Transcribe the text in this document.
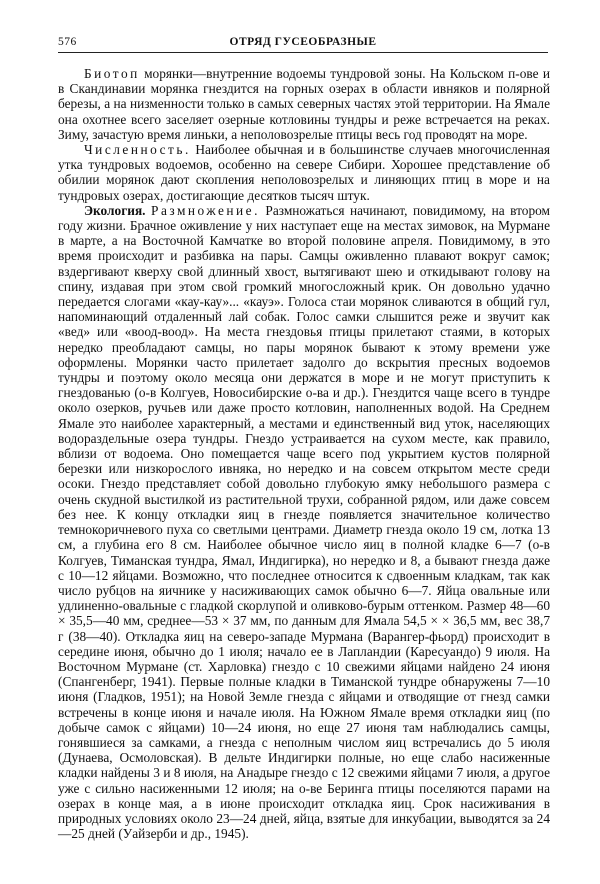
576	ОТРЯД ГУСЕОБРАЗНЫЕ

Биотоп морянки—внутренние водоемы тундровой зоны. На Кольском п-ове и в Скандинавии морянка гнездится на горных озерах в области ивняков и полярной березы, а на низменности только в самых северных частях этой территории. На Ямале она охотнее всего заселяет озерные котловины тундры и реже встречается на реках. Зиму, зачастую время линьки, а неполовозрелые птицы весь год проводят на море.

Численность. Наиболее обычная и в большинстве случаев многочисленная утка тундровых водоемов, особенно на севере Сибири. Хорошее представление об обилии морянок дают скопления неполовозрелых и линяющих птиц в море и на тундровых озерах, достигающие десятков тысяч штук.

Экология. Размножение. Размножаться начинают, повидимому, на втором году жизни. Брачное оживление у них наступает еще на местах зимовок, на Мурмане в марте, а на Восточной Камчатке во второй половине апреля. Повидимому, в это время происходит и разбивка на пары. Самцы оживленно плавают вокруг самок; вздергивают кверху свой длинный хвост, вытягивают шею и откидывают голову на спину, издавая при этом свой громкий многосложный крик. Он довольно удачно передается слогами «кау-кау»... «кауэ». Голоса стаи морянок сливаются в общий гул, напоминающий отдаленный лай собак. Голос самки слышится реже и звучит как «вед» или «воод-воод». На места гнездовья птицы прилетают стаями, в которых нередко преобладают самцы, но пары морянок бывают к этому времени уже оформлены. Морянки часто прилетает задолго до вскрытия пресных водоемов тундры и поэтому около месяца они держатся в море и не могут приступить к гнездованью (о-в Колгуев, Новосибирские о-ва и др.). Гнездится чаще всего в тундре около озерков, ручьев или даже просто котловин, наполненных водой. На Среднем Ямале это наиболее характерный, а местами и единственный вид уток, населяющих водораздельные озера тундры. Гнездо устраивается на сухом месте, как правило, вблизи от водоема. Оно помещается чаще всего под укрытием кустов полярной березки или низкорослого ивняка, но нередко и на совсем открытом месте среди осоки. Гнездо представляет собой довольно глубокую ямку небольшого размера с очень скудной выстилкой из растительной трухи, собранной рядом, или даже совсем без нее. К концу откладки яиц в гнезде появляется значительное количество темнокоричневого пуха со светлыми центрами. Диаметр гнезда около 19 см, лотка 13 см, а глубина его 8 см. Наиболее обычное число яиц в полной кладке 6—7 (о-в Колгуев, Тиманская тундра, Ямал, Индигирка), но нередко и 8, а бывают гнезда даже с 10—12 яйцами. Возможно, что последнее относится к сдвоенным кладкам, так как число рубцов на яичнике у насиживающих самок обычно 6—7. Яйца овальные или удлиненно-овальные с гладкой скорлупой и оливково-бурым оттенком. Размер 48—60 × 35,5—40 мм, среднее—53 × 37 мм, по данным для Ямала 54,5 × × 36,5 мм, вес 38,7 г (38—40). Откладка яиц на северо-западе Мурмана (Варангер-фьорд) происходит в середине июня, обычно до 1 июля; начало ее в Лапландии (Каресуандо) 9 июля. На Восточном Мурмане (ст. Харловка) гнездо с 10 свежими яйцами найдено 24 июня (Спангенберг, 1941). Первые полные кладки в Тиманской тундре обнаружены 7—10 июня (Гладков, 1951); на Новой Земле гнезда с яйцами и отводящие от гнезд самки встречены в конце июня и начале июля. На Южном Ямале время откладки яиц (по добыче самок с яйцами) 10—24 июня, но еще 27 июня там наблюдались самцы, гонявшиеся за самками, а гнезда с неполным числом яиц встречались до 5 июля (Дунаева, Осмоловская). В дельте Индигирки полные, но еще слабо насиженные кладки найдены 3 и 8 июля, на Анадыре гнездо с 12 свежими яйцами 7 июля, а другое уже с сильно насиженными 12 июля; на о-ве Беринга птицы поселяются парами на озерах в конце мая, а в июне происходит откладка яиц. Срок насиживания в природных условиях около 23—24 дней, яйца, взятые для инкубации, выводятся за 24—25 дней (Уайзерби и др., 1945).
